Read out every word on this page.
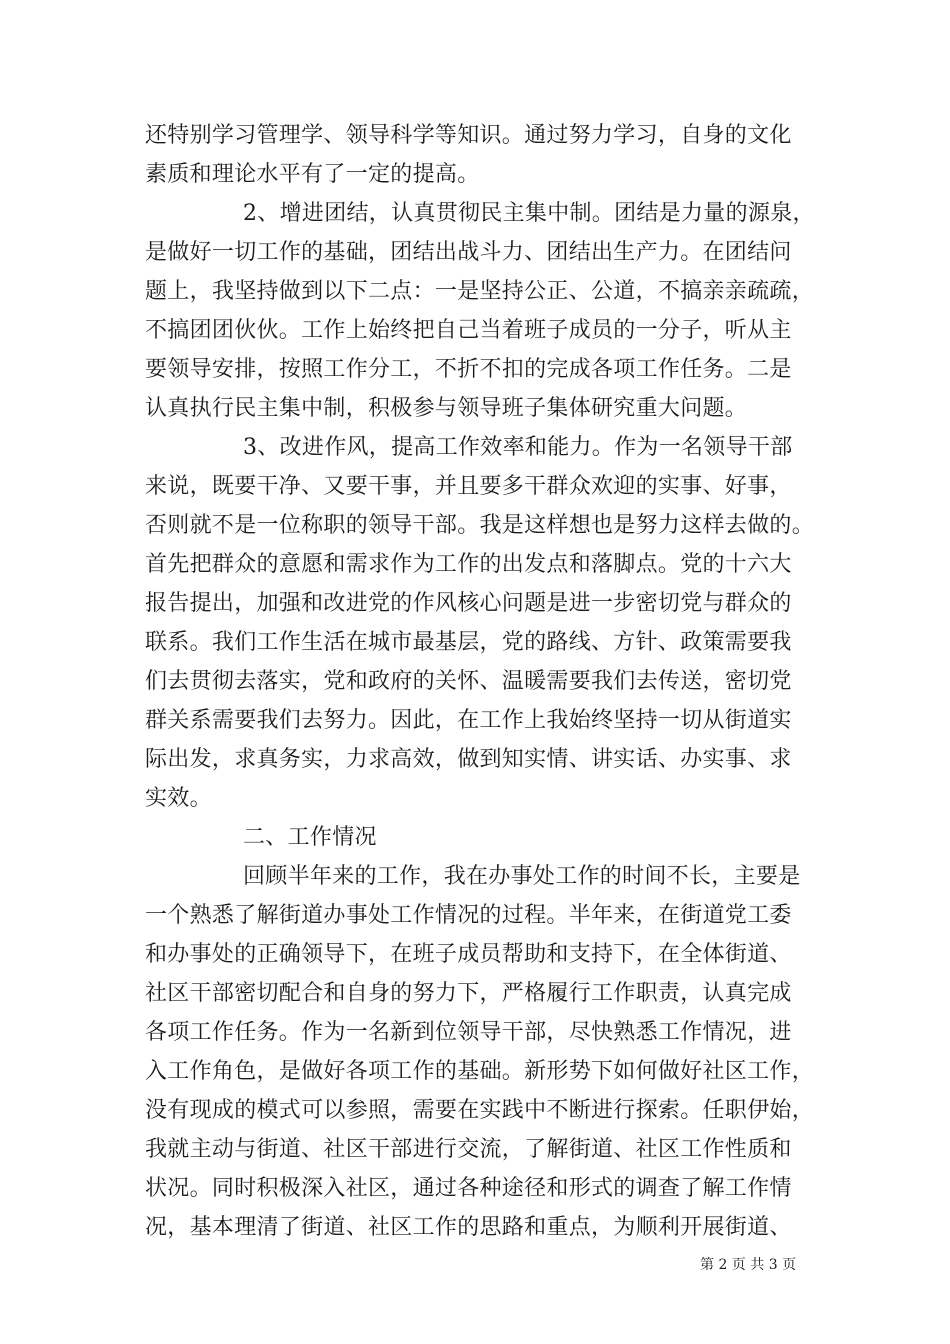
还特别学习管理学、领导科学等知识。通过努力学习，自身的文化
素质和理论水平有了一定的提高。
2、增进团结，认真贯彻民主集中制。团结是力量的源泉，
是做好一切工作的基础，团结出战斗力、团结出生产力。在团结问
题上，我坚持做到以下二点：一是坚持公正、公道，不搞亲亲疏疏，
不搞团团伙伙。工作上始终把自己当着班子成员的一分子，听从主
要领导安排，按照工作分工，不折不扣的完成各项工作任务。二是
认真执行民主集中制，积极参与领导班子集体研究重大问题。
3、改进作风，提高工作效率和能力。作为一名领导干部
来说，既要干净、又要干事，并且要多干群众欢迎的实事、好事，
否则就不是一位称职的领导干部。我是这样想也是努力这样去做的。
首先把群众的意愿和需求作为工作的出发点和落脚点。党的十六大
报告提出，加强和改进党的作风核心问题是进一步密切党与群众的
联系。我们工作生活在城市最基层，党的路线、方针、政策需要我
们去贯彻去落实，党和政府的关怀、温暖需要我们去传送，密切党
群关系需要我们去努力。因此，在工作上我始终坚持一切从街道实
际出发，求真务实，力求高效，做到知实情、讲实话、办实事、求
实效。
二、工作情况
回顾半年来的工作，我在办事处工作的时间不长，主要是
一个熟悉了解街道办事处工作情况的过程。半年来，在街道党工委
和办事处的正确领导下，在班子成员帮助和支持下，在全体街道、
社区干部密切配合和自身的努力下，严格履行工作职责，认真完成
各项工作任务。作为一名新到位领导干部，尽快熟悉工作情况，进
入工作角色，是做好各项工作的基础。新形势下如何做好社区工作，
没有现成的模式可以参照，需要在实践中不断进行探索。任职伊始，
我就主动与街道、社区干部进行交流，了解街道、社区工作性质和
状况。同时积极深入社区，通过各种途径和形式的调查了解工作情
况，基本理清了街道、社区工作的思路和重点，为顺利开展街道、
第 2 页 共 3 页
